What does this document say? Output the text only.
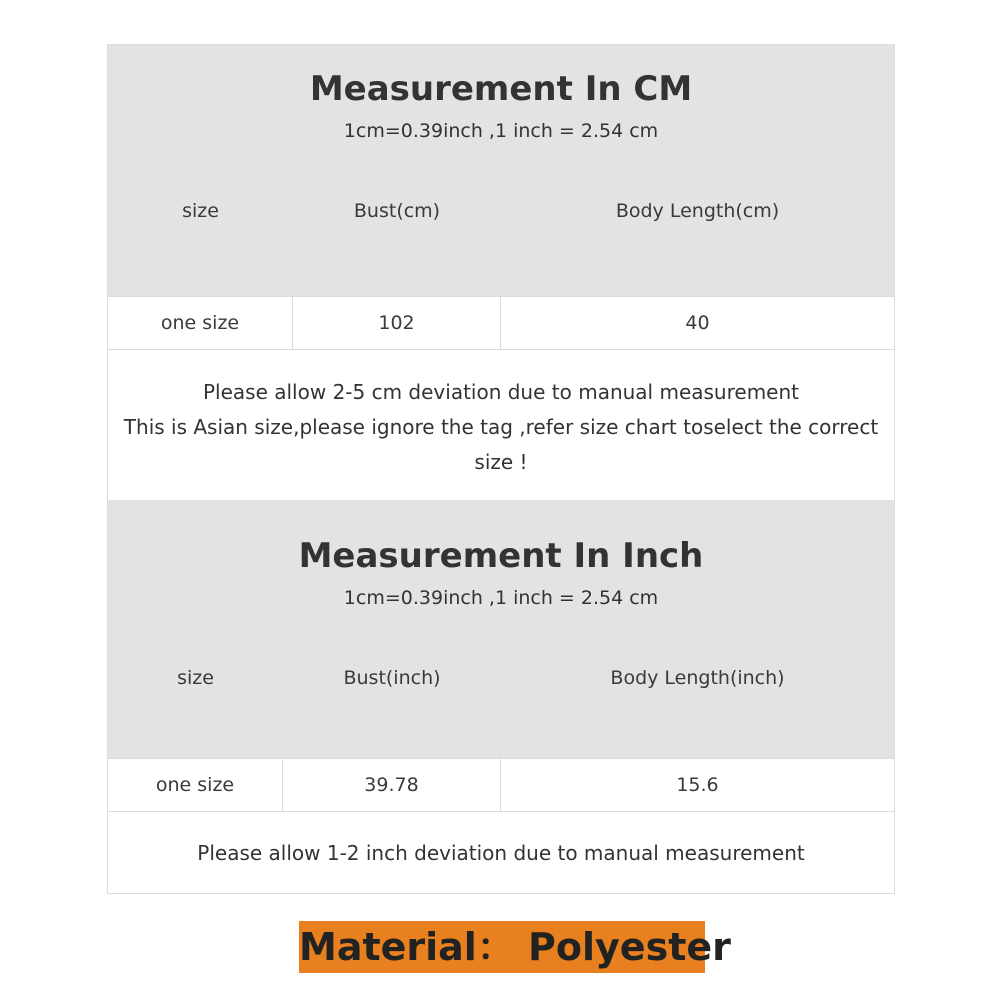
Measurement In CM
1cm=0.39inch ,1 inch = 2.54 cm
size	Bust(cm)	Body Length(cm)
one size	102	40
Please allow 2-5 cm deviation due to manual measurement
This is Asian size,please ignore the tag ,refer size chart toselect the correct size !
Measurement In Inch
1cm=0.39inch ,1 inch = 2.54 cm
size	Bust(inch)	Body Length(inch)
one size	39.78	15.6
Please allow 1-2 inch deviation due to manual measurement
Material： Polyester
